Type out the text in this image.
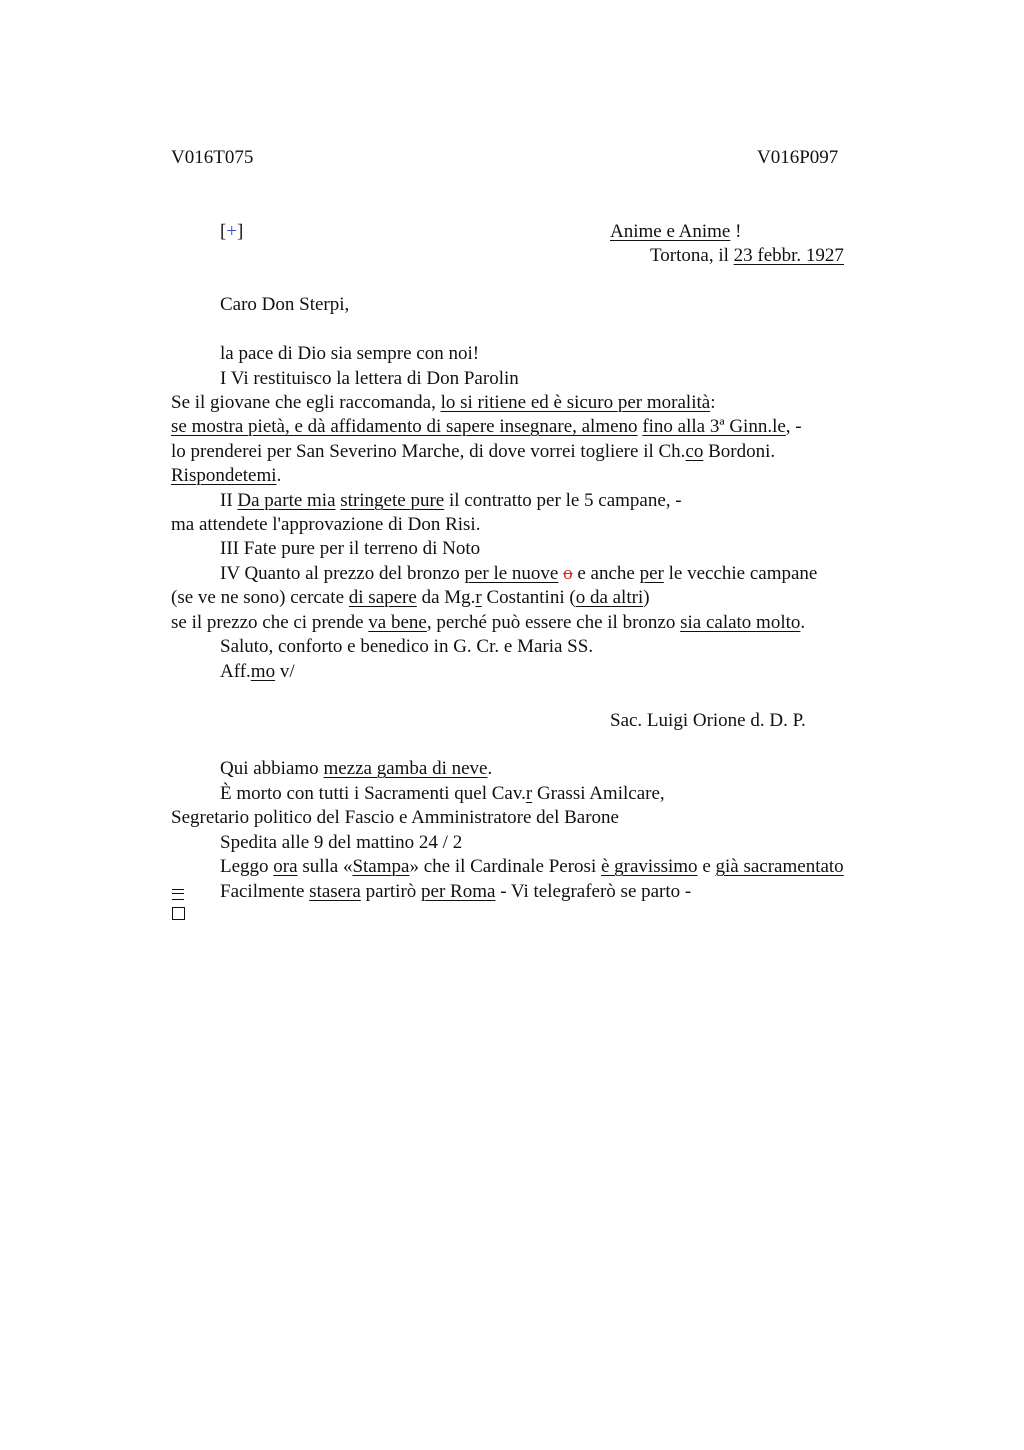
V016T075	V016P097
[+]	Anime e Anime !
Tortona, il 23 febbr. 1927
Caro Don Sterpi,
la pace di Dio sia sempre con noi!
I Vi restituisco la lettera di Don Parolin
Se il giovane che egli raccomanda, lo si ritiene ed è sicuro per moralità:
se mostra pietà, e dà affidamento di sapere insegnare, almeno fino alla 3ª Ginn.le, -
lo prenderei per San Severino Marche, di dove vorrei togliere il Ch.co Bordoni.
Rispondetemi.
II Da parte mia stringete pure il contratto per le 5 campane, -
ma attendete l'approvazione di Don Risi.
III Fate pure per il terreno di Noto
IV Quanto al prezzo del bronzo per le nuove o e anche per le vecchie campane
(se ve ne sono) cercate di sapere da Mg.r Costantini (o da altri)
se il prezzo che ci prende va bene, perché può essere che il bronzo sia calato molto.
Saluto, conforto e benedico in G. Cr. e Maria SS.
Aff.mo v/
Sac. Luigi Orione d. D. P.
Qui abbiamo mezza gamba di neve.
È morto con tutti i Sacramenti quel Cav.r Grassi Amilcare,
Segretario politico del Fascio e Amministratore del Barone
Spedita alle 9 del mattino 24 / 2
Leggo ora sulla «Stampa» che il Cardinale Perosi è gravissimo e già sacramentato
Facilmente stasera partirò per Roma - Vi telegraferò se parto -
